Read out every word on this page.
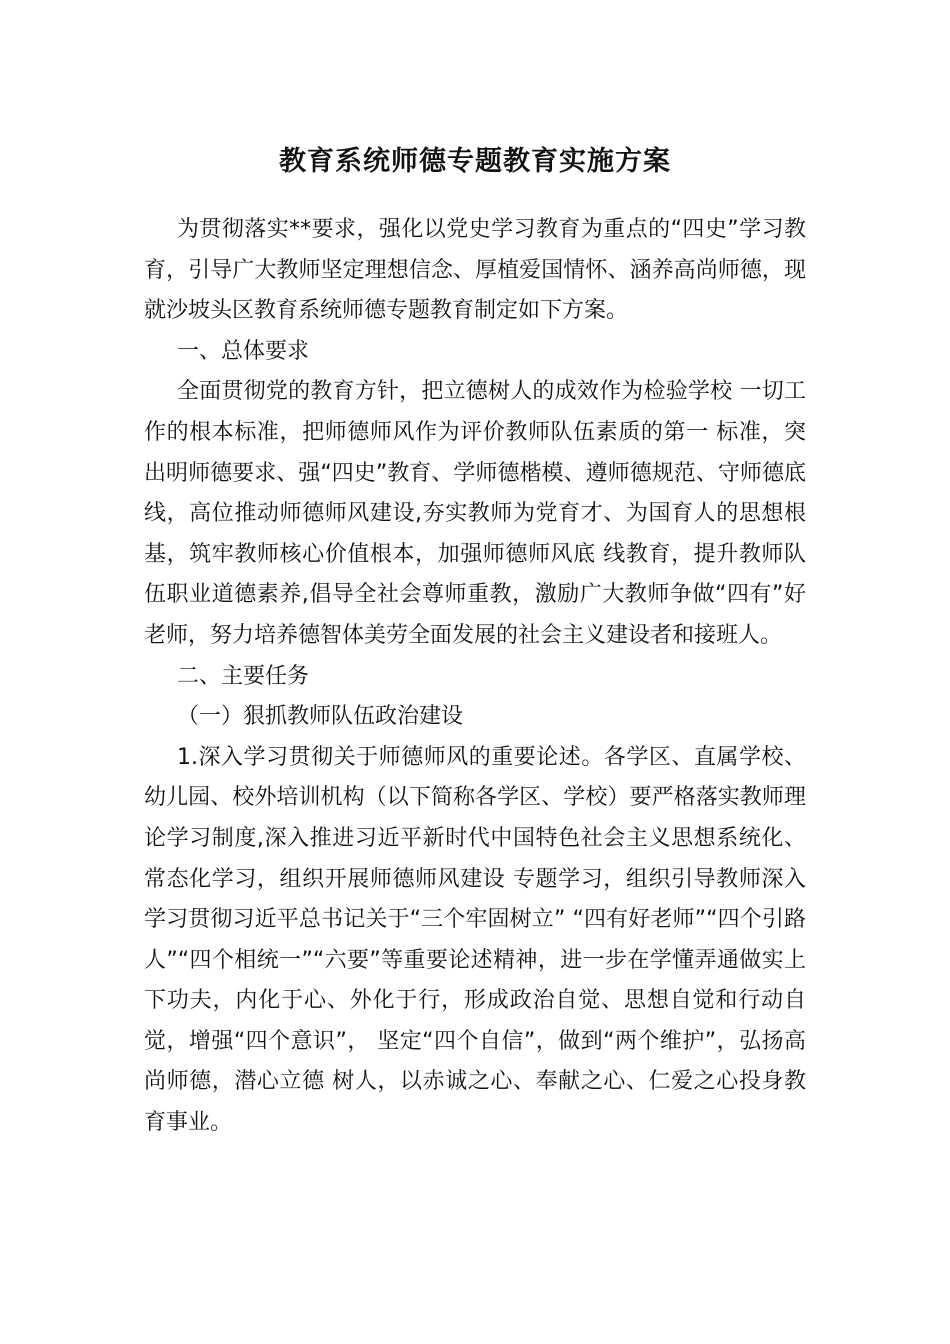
教育系统师德专题教育实施方案

为贯彻落实**要求，强化以党史学习教育为重点的“四史”学习教育，引导广大教师坚定理想信念、厚植爱国情怀、涵养高尚师德，现就沙坡头区教育系统师德专题教育制定如下方案。

一、总体要求

全面贯彻党的教育方针，把立德树人的成效作为检验学校 一切工作的根本标准，把师德师风作为评价教师队伍素质的第一 标准，突出明师德要求、强“四史”教育、学师德楷模、遵师德规范、守师德底线，高位推动师德师风建设,夯实教师为党育才、为国育人的思想根基，筑牢教师核心价值根本，加强师德师风底 线教育，提升教师队伍职业道德素养,倡导全社会尊师重教，激励广大教师争做“四有”好老师，努力培养德智体美劳全面发展的社会主义建设者和接班人。

二、主要任务

（一）狠抓教师队伍政治建设

1.深入学习贯彻关于师德师风的重要论述。各学区、直属学校、幼儿园、校外培训机构（以下简称各学区、学校）要严格落实教师理论学习制度,深入推进习近平新时代中国特色社会主义思想系统化、常态化学习，组织开展师德师风建设 专题学习，组织引导教师深入学习贯彻习近平总书记关于“三个牢固树立” “四有好老师”“四个引路人”“四个相统一”“六要”等重要论述精神，进一步在学懂弄通做实上下功夫，内化于心、外化于行，形成政治自觉、思想自觉和行动自觉，增强“四个意识”， 坚定“四个自信”，做到“两个维护”，弘扬高尚师德，潜心立德 树人，以赤诚之心、奉献之心、仁爱之心投身教育事业。
